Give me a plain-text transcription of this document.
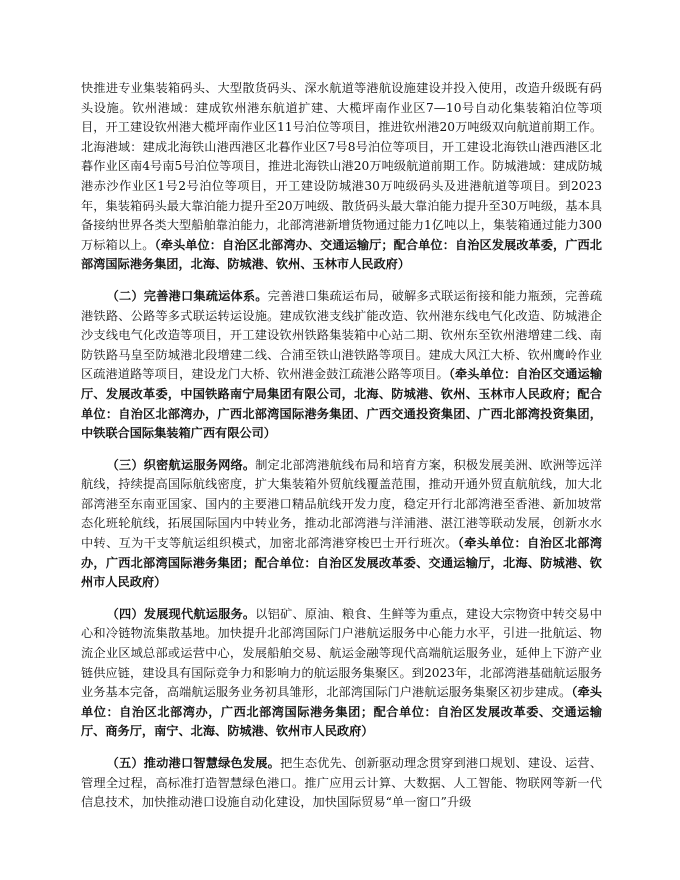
快推进专业集装箱码头、大型散货码头、深水航道等港航设施建设并投入使用，改造升级既有码头设施。钦州港域：建成钦州港东航道扩建、大榄坪南作业区7—10号自动化集装箱泊位等项目，开工建设钦州港大榄坪南作业区11号泊位等项目，推进钦州港20万吨级双向航道前期工作。北海港域：建成北海铁山港西港区北暮作业区7号8号泊位等项目，开工建设北海铁山港西港区北暮作业区南4号南5号泊位等项目，推进北海铁山港20万吨级航道前期工作。防城港域：建成防城港赤沙作业区1号2号泊位等项目，开工建设防城港30万吨级码头及进港航道等项目。到2023年，集装箱码头最大靠泊能力提升至20万吨级、散货码头最大靠泊能力提升至30万吨级，基本具备接纳世界各类大型船舶靠泊能力，北部湾港新增货物通过能力1亿吨以上，集装箱通过能力300万标箱以上。（牵头单位：自治区北部湾办、交通运输厅；配合单位：自治区发展改革委，广西北部湾国际港务集团，北海、防城港、钦州、玉林市人民政府）

（二）完善港口集疏运体系。完善港口集疏运布局，破解多式联运衔接和能力瓶颈，完善疏港铁路、公路等多式联运转运设施。建成钦港支线扩能改造、钦州港东线电气化改造、防城港企沙支线电气化改造等项目，开工建设钦州铁路集装箱中心站二期、钦州东至钦州港增建二线、南防铁路马皇至防城港北段增建二线、合浦至铁山港铁路等项目。建成大风江大桥、钦州鹰岭作业区疏港道路等项目，建设龙门大桥、钦州港金鼓江疏港公路等项目。（牵头单位：自治区交通运输厅、发展改革委，中国铁路南宁局集团有限公司，北海、防城港、钦州、玉林市人民政府；配合单位：自治区北部湾办，广西北部湾国际港务集团、广西交通投资集团、广西北部湾投资集团，中铁联合国际集装箱广西有限公司）

（三）织密航运服务网络。制定北部湾港航线布局和培育方案，积极发展美洲、欧洲等远洋航线，持续提高国际航线密度，扩大集装箱外贸航线覆盖范围，推动开通外贸直航航线，加大北部湾港至东南亚国家、国内的主要港口精品航线开发力度，稳定开行北部湾港至香港、新加坡常态化班轮航线，拓展国际国内中转业务，推动北部湾港与洋浦港、湛江港等联动发展，创新水水中转、互为干支等航运组织模式，加密北部湾港穿梭巴士开行班次。（牵头单位：自治区北部湾办，广西北部湾国际港务集团；配合单位：自治区发展改革委、交通运输厅，北海、防城港、钦州市人民政府）

（四）发展现代航运服务。以铝矿、原油、粮食、生鲜等为重点，建设大宗物资中转交易中心和冷链物流集散基地。加快提升北部湾国际门户港航运服务中心能力水平，引进一批航运、物流企业区域总部或运营中心，发展船舶交易、航运金融等现代高端航运服务业，延伸上下游产业链供应链，建设具有国际竞争力和影响力的航运服务集聚区。到2023年，北部湾港基础航运服务业务基本完备，高端航运服务业务初具雏形，北部湾国际门户港航运服务集聚区初步建成。（牵头单位：自治区北部湾办，广西北部湾国际港务集团；配合单位：自治区发展改革委、交通运输厅、商务厅，南宁、北海、防城港、钦州市人民政府）

（五）推动港口智慧绿色发展。把生态优先、创新驱动理念贯穿到港口规划、建设、运营、管理全过程，高标准打造智慧绿色港口。推广应用云计算、大数据、人工智能、物联网等新一代信息技术，加快推动港口设施自动化建设，加快国际贸易“单一窗口”升级
